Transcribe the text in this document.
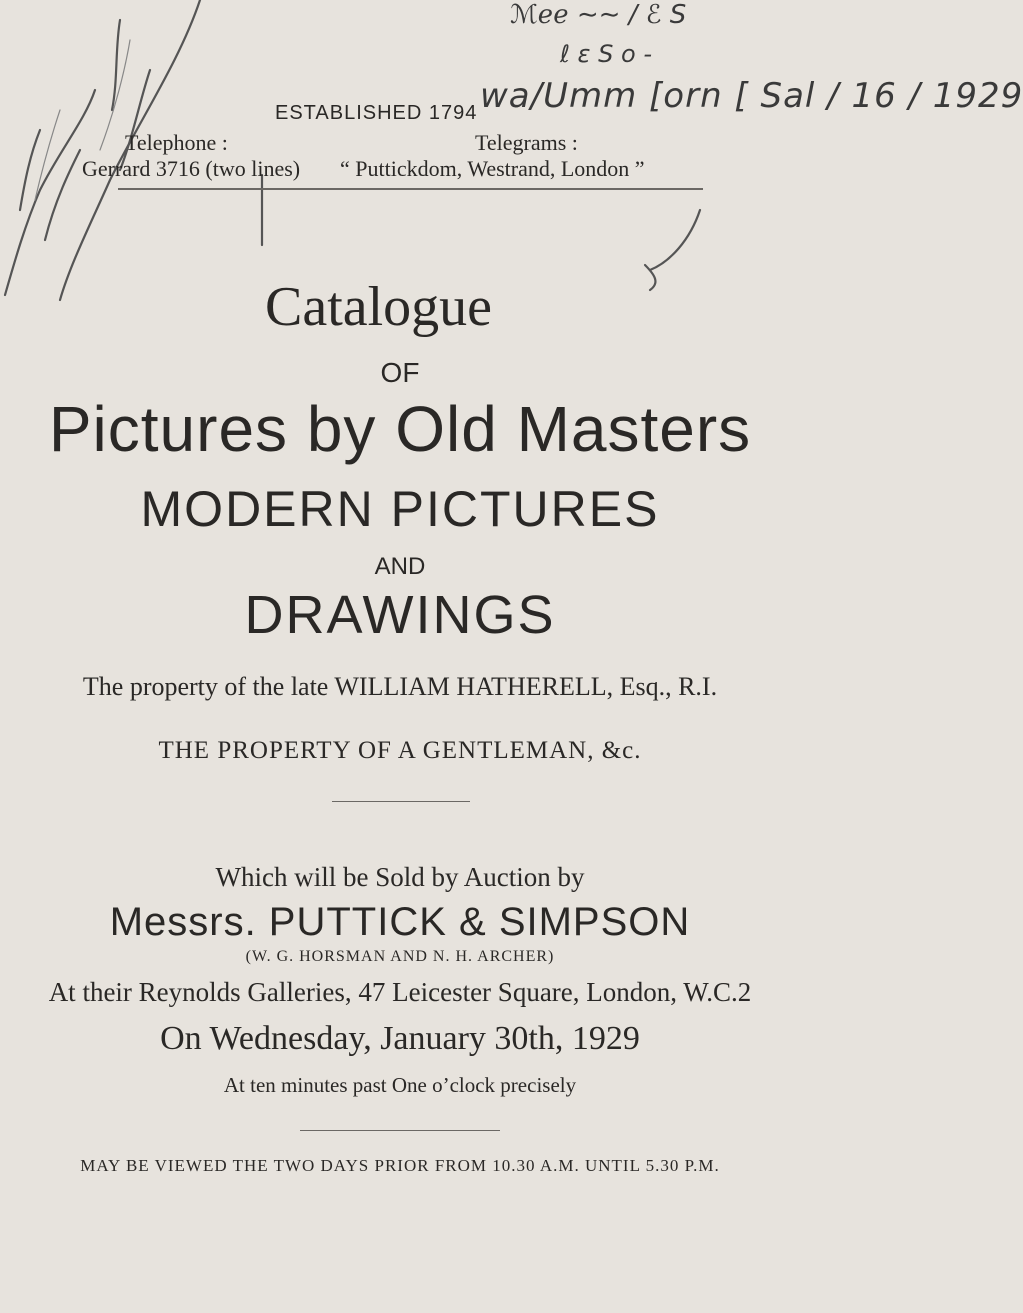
ℳℯℯ ∼∼ / ℰ S
ℓ ε S o -
wa/Umm [orn [ Sal / 16 / 1929
ESTABLISHED 1794
Telephone :
Gerrard 3716 (two lines)
Telegrams :
“ Puttickdom, Westrand, London ”
Catalogue
OF
Pictures by Old Masters
MODERN PICTURES
AND
DRAWINGS
The property of the late WILLIAM HATHERELL, Esq., R.I.
THE PROPERTY OF A GENTLEMAN, &c.
Which will be Sold by Auction by
Messrs. PUTTICK & SIMPSON
(W. G. HORSMAN AND N. H. ARCHER)
At their Reynolds Galleries, 47 Leicester Square, London, W.C.2
On Wednesday, January 30th, 1929
At ten minutes past One o’clock precisely
MAY BE VIEWED THE TWO DAYS PRIOR FROM 10.30 A.M. UNTIL 5.30 P.M.
